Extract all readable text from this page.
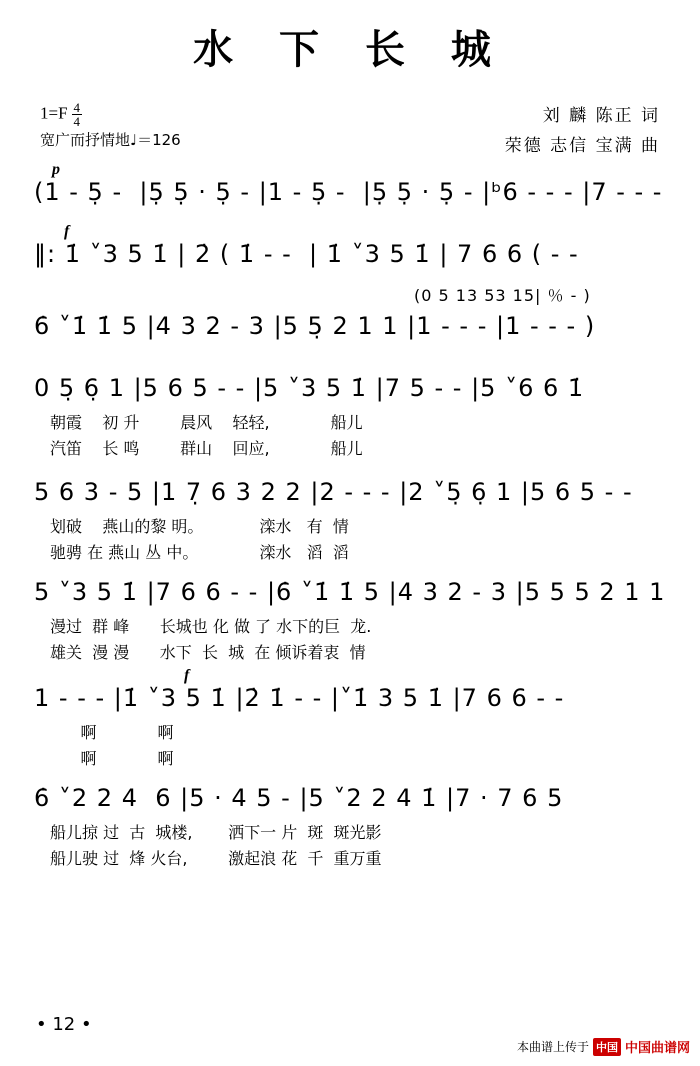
水 下 长 城
$1=F \frac{4}{4}$
宽广而抒情地♩＝126
刘 麟 陈正 词
荣德 志信 宝满 曲
p
(1 - 5̣ -  |5̣ 5̣ · 5̣ - |1 - 5̣ -  |5̣ 5̣ · 5̣ - |ᵇ6 - - - |7 - - -
f
‖: 1̇ ˅3 5 1̇ | 2̇ ( 1̇ - -  | 1̇ ˅3 5 1̇ | 7 6 6 ( - -
(0 5 13 53 15| ％ - )
6̇ ˅1̇ 1̇ 5 |4 3 2 - 3 |5 5̣ 2 1 1 |1 - - - |1 - - - )
0 5̣ 6̣ 1 |5 6 5 - - |5 ˅3 5 1̇ |7 5 - - |5 ˅6 6 1̇
朝霞    初 升        晨风    轻轻,            船儿
汽笛    长 鸣        群山    回应,            船儿
5 6 3 - 5 |1 7̣ 6 3 2 2 |2 - - - |2 ˅5̣ 6̣ 1 |5 6 5 - -
划破    燕山的黎 明。           滦水   有  情
驰骋 在 燕山 丛 中。            滦水   滔  滔
5 ˅3 5 1̇ |7 6 6 - - |6̇ ˅1̇ 1̇ 5 |4 3 2 - 3 |5 5 5 2 1 1
漫过  群 峰      长城也 化 做 了 水下的巨  龙.
雄关  漫 漫      水下  长  城  在 倾诉着衷  情
f
1 - - - |1̇ ˅3 5 1̇ |2̇ 1̇ - - |˅1̇ 3 5 1̇ |7 6 6 - -
啊            啊
啊            啊
6̇ ˅2 2 4  6 |5 · 4 5 - |5 ˅2 2 4 1̇ |7 · 7 6 5
船儿掠 过  古  城楼,       洒下一 片  斑  斑光影
船儿驶 过  烽 火台,        激起浪 花  千  重万重
• 12 •
本曲谱上传于 中国 中国曲谱网
